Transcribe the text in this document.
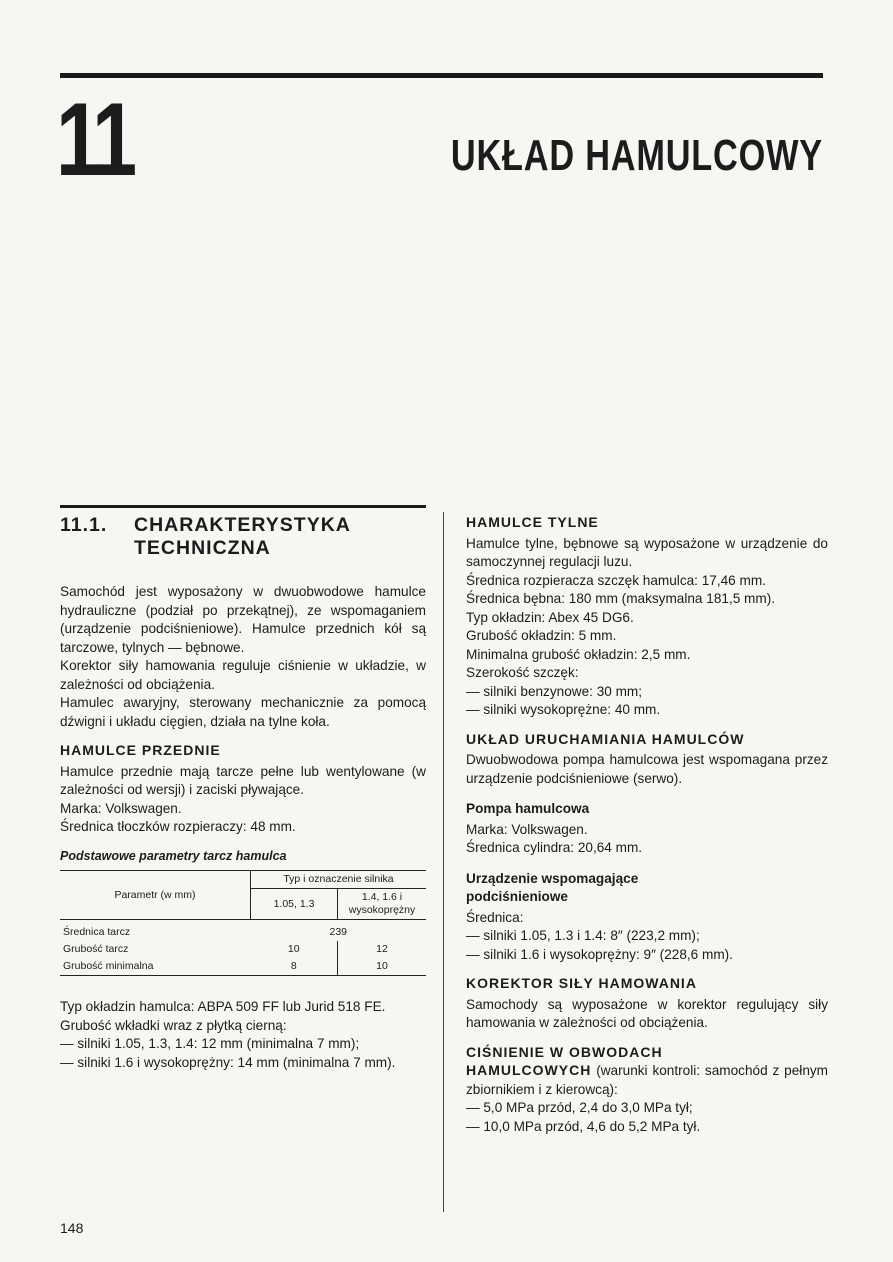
11	UKŁAD HAMULCOWY
11.1. CHARAKTERYSTYKA
TECHNICZNA

Samochód jest wyposażony w dwuobwodowe hamulce hydrauliczne (podział po przekątnej), ze wspomaganiem (urządzenie podciśnieniowe). Hamulce przednich kół są tarczowe, tylnych — bębnowe.

Korektor siły hamowania reguluje ciśnienie w układzie, w zależności od obciążenia.

Hamulec awaryjny, sterowany mechanicznie za pomocą dźwigni i układu cięgien, działa na tylne koła.

HAMULCE PRZEDNIE

Hamulce przednie mają tarcze pełne lub wentylowane (w zależności od wersji) i zaciski pływające.

Marka: Volkswagen.

Średnica tłoczków rozpieraczy: 48 mm.

Podstawowe parametry tarcz hamulca
Parametr (w mm)	Typ i oznaczenie silnika	
	1.05, 1.3	1.4, 1.6 i
wysokoprężny

Średnica tarcz	239	
Grubość tarcz	10	12
Grubość minimalna	8	10

Typ okładzin hamulca: ABPA 509 FF lub Jurid 518 FE.

Grubość wkładki wraz z płytką cierną:

— silniki 1.05, 1.3, 1.4: 12 mm (minimalna 7 mm);

— silniki 1.6 i wysokoprężny: 14 mm (minimalna 7 mm).

HAMULCE TYLNE

Hamulce tylne, bębnowe są wyposażone w urządzenie do samoczynnej regulacji luzu.

Średnica rozpieracza szczęk hamulca: 17,46 mm.

Średnica bębna: 180 mm (maksymalna 181,5 mm).

Typ okładzin: Abex 45 DG6.

Grubość okładzin: 5 mm.

Minimalna grubość okładzin: 2,5 mm.

Szerokość szczęk:

— silniki benzynowe: 30 mm;

— silniki wysokoprężne: 40 mm.

UKŁAD URUCHAMIANIA HAMULCÓW

Dwuobwodowa pompa hamulcowa jest wspomagana przez urządzenie podciśnieniowe (serwo).

Pompa hamulcowa

Marka: Volkswagen.

Średnica cylindra: 20,64 mm.

Urządzenie wspomagające
podciśnieniowe

Średnica:

— silniki 1.05, 1.3 i 1.4: 8″ (223,2 mm);

— silniki 1.6 i wysokoprężny: 9″ (228,6 mm).

KOREKTOR SIŁY HAMOWANIA

Samochody są wyposażone w korektor regulujący siły hamowania w zależności od obciążenia.

CIŚNIENIE W OBWODACH

HAMULCOWYCH (warunki kontroli: samochód z pełnym zbiornikiem i z kierowcą):

— 5,0 MPa przód, 2,4 do 3,0 MPa tył;

— 10,0 MPa przód, 4,6 do 5,2 MPa tył.

148
